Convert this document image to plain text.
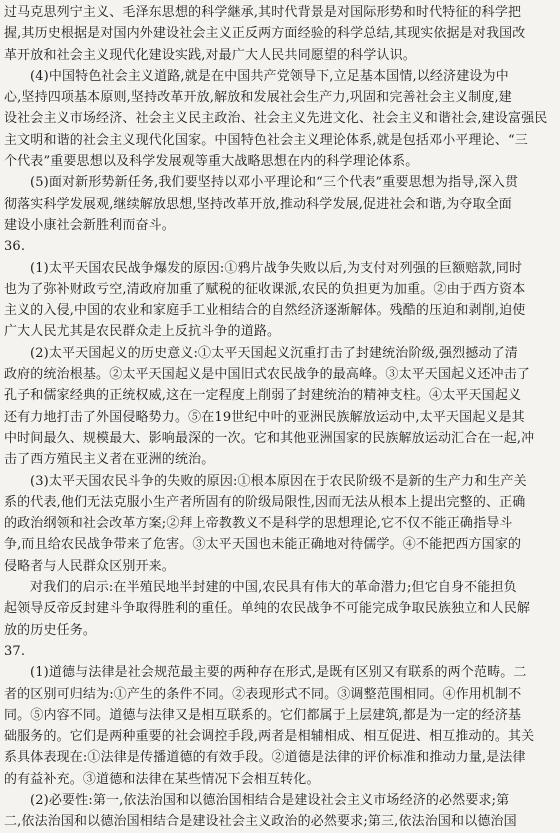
过马克思列宁主义、毛泽东思想的科学継承,其时代背景是对国际形势和时代特征的科学把

握,其历史根据是对国内外建设社会主义正反两方面经验的科学总结,其现实依据是对我国改

革开放和社会主义现代化建设实践,对最广大人民共同愿望的科学认识。

(4)中国特色社会主义道路,就是在中国共产党领导下,立足基本国情,以经济建设为中

心,坚持四项基本原则,坚持改革开放,解放和发展社会生产力,巩固和完善社会主义制度,建

设社会主义市场经济、社会主义民主政治、社会主义先进文化、社会主义和谐社会,建设富强民

主文明和谐的社会主义现代化国家。中国特色社会主义理论体系,就是包括邓小平理论、“三

个代表”重要思想以及科学发展观等重大战略思想在内的科学理论体系。

(5)面对新形势新任务,我们要坚持以邓小平理论和“三个代表”重要思想为指导,深入贯

彻落实科学发展观,继续解放思想,坚持改革开放,推动科学发展,促进社会和谐,为夺取全面

建设小康社会新胜利而奋斗。

36.

(1)太平天国农民战争爆发的原因:①鸦片战争失败以后,为支付对列强的巨额赔款,同时

也为了弥补财政亏空,清政府加重了赋税的征收课派,农民的负担更为加重。②由于西方资本

主义的入侵,中国的农业和家庭手工业相结合的自然经济逐渐解体。残酷的压迫和剥削,迫使

广大人民尤其是农民群众走上反抗斗争的道路。

(2)太平天国起义的历史意义:①太平天国起义沉重打击了封建统治阶级,强烈撼动了清

政府的统治根基。②太平天国起义是中国旧式农民战争的最高峰。③太平天国起义还冲击了

孔子和儒家经典的正统权威,这在一定程度上削弱了封建统治的精神支柱。④太平天国起义

还有力地打击了外国侵略势力。⑤在19世纪中叶的亚洲民族解放运动中,太平天国起义是其

中时间最久、规模最大、影响最深的一次。它和其他亚洲国家的民族解放运动汇合在一起,冲

击了西方殖民主义者在亚洲的统治。

(3)太平天国农民斗争的失败的原因:①根本原因在于农民阶级不是新的生产力和生产关

系的代表,他们无法克服小生产者所固有的阶级局限性,因而无法从根本上提出完整的、正确

的政治纲领和社会改革方案;②拜上帝教教义不是科学的思想理论,它不仅不能正确指导斗

争,而且给农民战争带来了危害。③太平天国也未能正确地对待儒学。④不能把西方国家的

侵略者与人民群众区别开来。

对我们的启示:在半殖民地半封建的中国,农民具有伟大的革命潜力;但它自身不能担负

起领导反帝反封建斗争取得胜利的重任。单纯的农民战争不可能完成争取民族独立和人民解

放的历史任务。

37.

(1)道德与法律是社会规范最主要的两种存在形式,是既有区别又有联系的两个范畴。二

者的区别可归结为:①产生的条件不同。②表现形式不同。③调整范围相同。④作用机制不

同。⑤内容不同。道德与法律又是相互联系的。它们都属于上层建筑,都是为一定的经济基

础服务的。它们是两种重要的社会调控手段,两者是相辅相成、相互促进、相互推动的。其关

系具体表现在:①法律是传播道德的有效手段。②道德是法律的评价标准和推动力量,是法律

的有益补充。③道德和法律在某些情况下会相互转化。

(2)必要性:第一,依法治国和以德治国相结合是建设社会主义市场经济的必然要求;第

二,依法治国和以德治国相结合是建设社会主义政治的必然要求;第三,依法治国和以德治国
